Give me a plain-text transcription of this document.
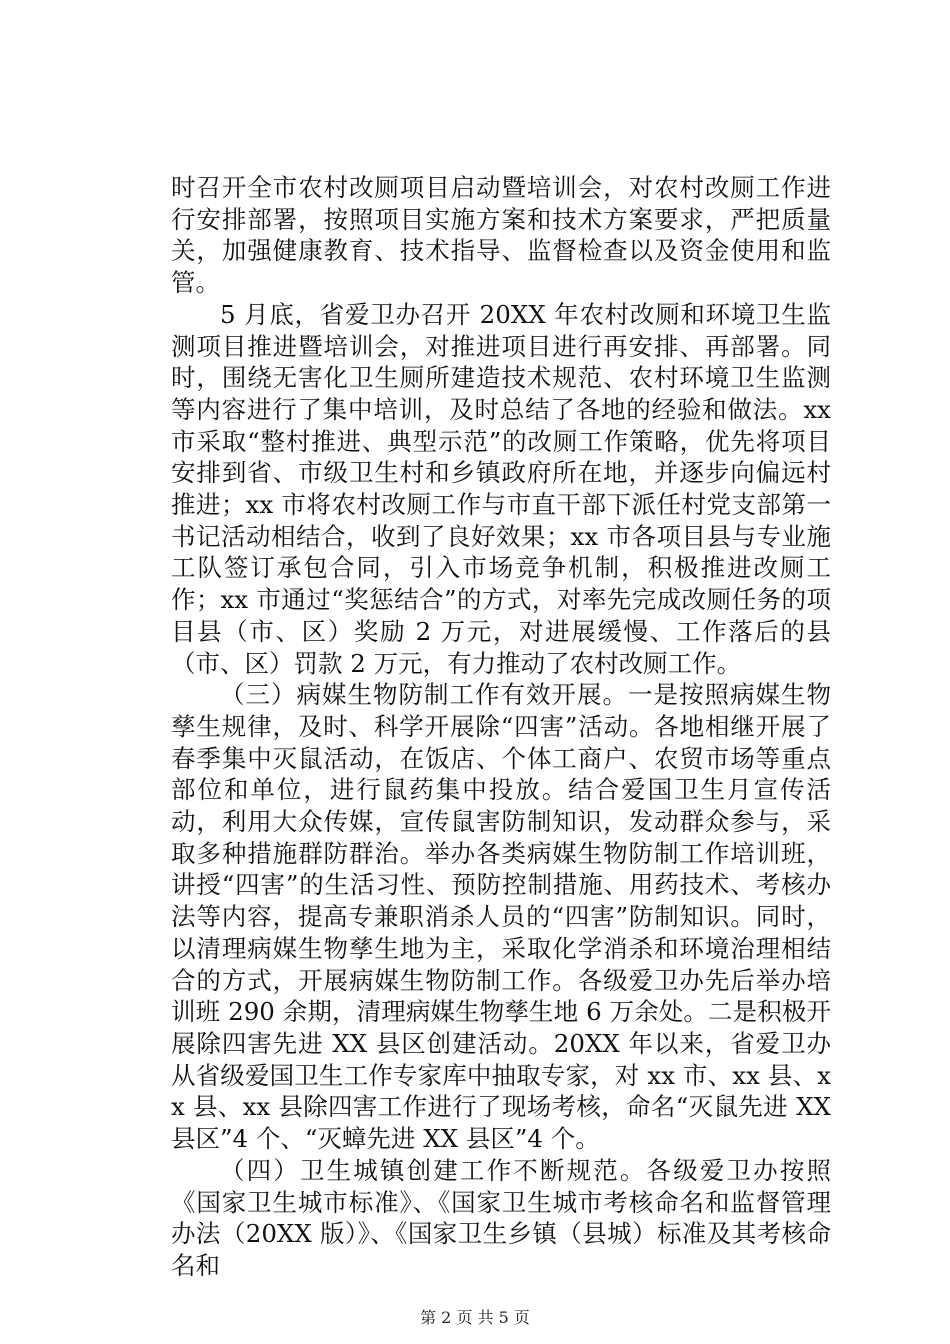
时召开全市农村改厕项目启动暨培训会，对农村改厕工作进行安排部署，按照项目实施方案和技术方案要求，严把质量关，加强健康教育、技术指导、监督检查以及资金使用和监管。

5 月底，省爱卫办召开 20XX 年农村改厕和环境卫生监测项目推进暨培训会，对推进项目进行再安排、再部署。同时，围绕无害化卫生厕所建造技术规范、农村环境卫生监测等内容进行了集中培训，及时总结了各地的经验和做法。xx 市采取“整村推进、典型示范”的改厕工作策略，优先将项目安排到省、市级卫生村和乡镇政府所在地，并逐步向偏远村推进；xx 市将农村改厕工作与市直干部下派任村党支部第一书记活动相结合，收到了良好效果；xx 市各项目县与专业施工队签订承包合同，引入市场竞争机制，积极推进改厕工作；xx 市通过“奖惩结合”的方式，对率先完成改厕任务的项目县（市、区）奖励 2 万元，对进展缓慢、工作落后的县（市、区）罚款 2 万元，有力推动了农村改厕工作。

（三）病媒生物防制工作有效开展。一是按照病媒生物孳生规律，及时、科学开展除“四害”活动。各地相继开展了春季集中灭鼠活动，在饭店、个体工商户、农贸市场等重点部位和单位，进行鼠药集中投放。结合爱国卫生月宣传活动，利用大众传媒，宣传鼠害防制知识，发动群众参与，采取多种措施群防群治。举办各类病媒生物防制工作培训班，讲授“四害”的生活习性、预防控制措施、用药技术、考核办法等内容，提高专兼职消杀人员的“四害”防制知识。同时，以清理病媒生物孳生地为主，采取化学消杀和环境治理相结合的方式，开展病媒生物防制工作。各级爱卫办先后举办培训班 290 余期，清理病媒生物孳生地 6 万余处。二是积极开展除四害先进 XX 县区创建活动。20XX 年以来，省爱卫办从省级爱国卫生工作专家库中抽取专家，对 xx 市、xx 县、xx 县、xx 县除四害工作进行了现场考核，命名“灭鼠先进 XX 县区”4 个、“灭蟑先进 XX 县区”4 个。

（四）卫生城镇创建工作不断规范。各级爱卫办按照《国家卫生城市标准》、《国家卫生城市考核命名和监督管理办法（20XX 版）》、《国家卫生乡镇（县城）标准及其考核命名和

第 2 页 共 5 页
